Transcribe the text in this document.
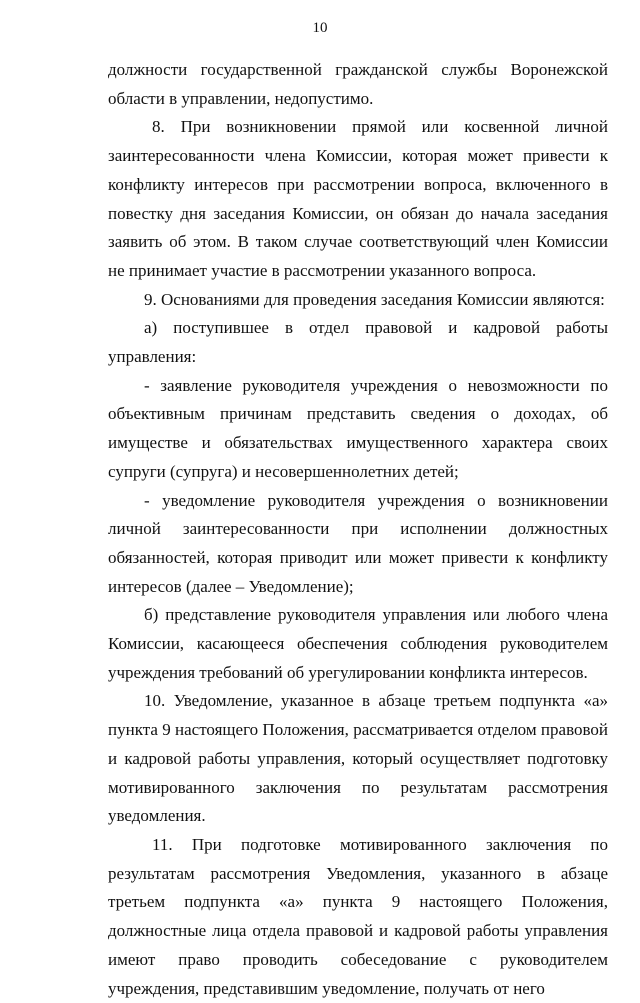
10

должности государственной гражданской службы Воронежской области в управлении, недопустимо.

8. При возникновении прямой или косвенной личной заинтересованности члена Комиссии, которая может привести к конфликту интересов при рассмотрении вопроса, включенного в повестку дня заседания Комиссии, он обязан до начала заседания заявить об этом. В таком случае соответствующий член Комиссии не принимает участие в рассмотрении указанного вопроса.

9. Основаниями для проведения заседания Комиссии являются:

а) поступившее в отдел правовой и кадровой работы управления:

- заявление руководителя учреждения о невозможности по объективным причинам представить сведения о доходах, об имуществе и обязательствах имущественного характера своих супруги (супруга) и несовершеннолетних детей;

- уведомление руководителя учреждения о возникновении личной заинтересованности при исполнении должностных обязанностей, которая приводит или может привести к конфликту интересов (далее – Уведомление);

б) представление руководителя управления или любого члена Комиссии, касающееся обеспечения соблюдения руководителем учреждения требований об урегулировании конфликта интересов.

10. Уведомление, указанное в абзаце третьем подпункта «а» пункта 9 настоящего Положения, рассматривается отделом правовой и кадровой работы управления, который осуществляет подготовку мотивированного заключения по результатам рассмотрения уведомления.

11. При подготовке мотивированного заключения по результатам рассмотрения Уведомления, указанного в абзаце третьем подпункта «а» пункта 9 настоящего Положения, должностные лица отдела правовой и кадровой работы управления имеют право проводить собеседование с руководителем учреждения, представившим уведомление, получать от него
